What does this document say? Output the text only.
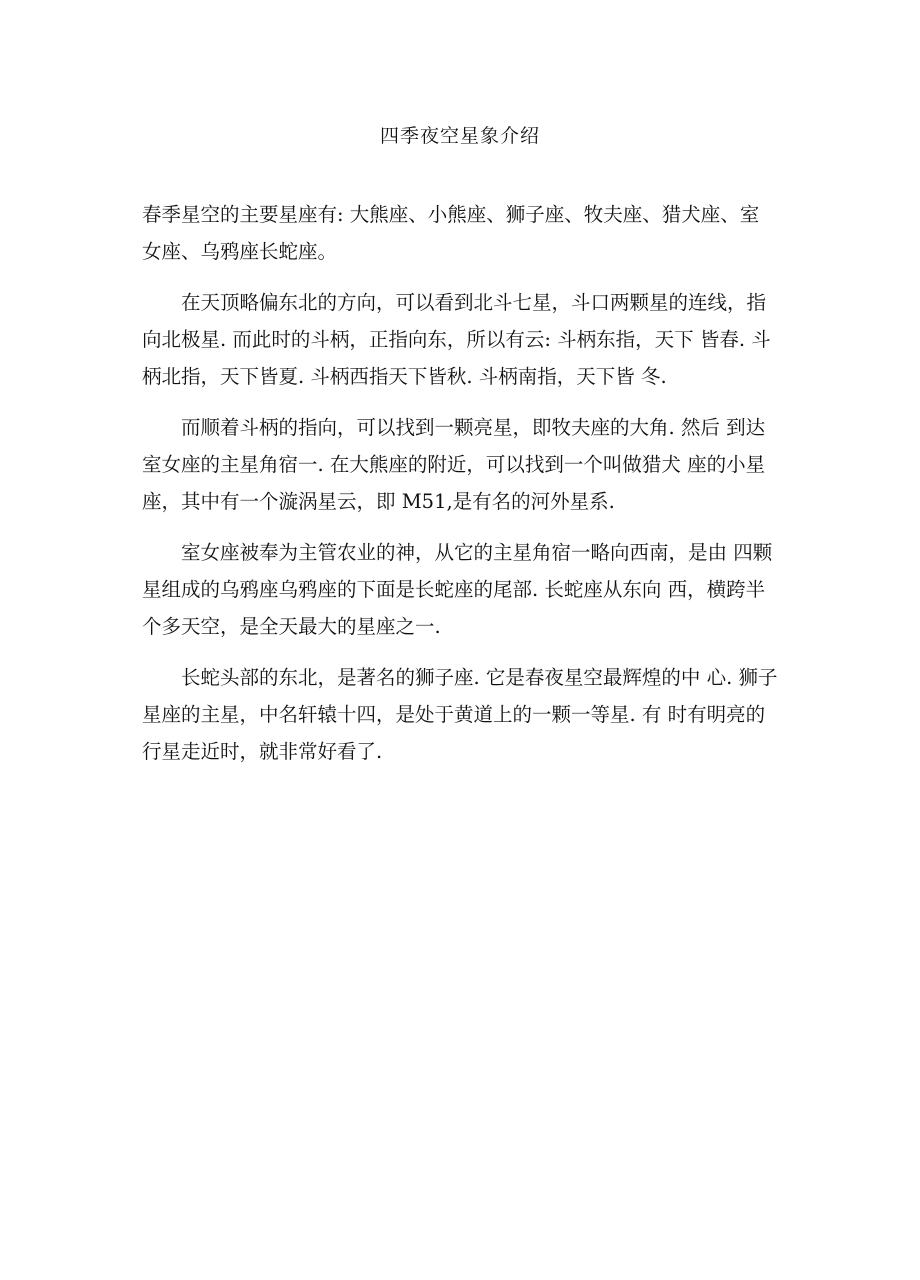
四季夜空星象介绍

春季星空的主要星座有: 大熊座、小熊座、狮子座、牧夫座、猎犬座、室女座、乌鸦座长蛇座。

在天顶略偏东北的方向，可以看到北斗七星，斗口两颗星的连线，指向北极星. 而此时的斗柄，正指向东，所以有云: 斗柄东指，天下 皆春. 斗柄北指，天下皆夏. 斗柄西指天下皆秋. 斗柄南指，天下皆 冬.

而顺着斗柄的指向，可以找到一颗亮星，即牧夫座的大角. 然后 到达室女座的主星角宿一. 在大熊座的附近，可以找到一个叫做猎犬 座的小星座，其中有一个漩涡星云，即 M51,是有名的河外星系.

室女座被奉为主管农业的神，从它的主星角宿一略向西南，是由 四颗星组成的乌鸦座乌鸦座的下面是长蛇座的尾部. 长蛇座从东向 西，横跨半个多天空，是全天最大的星座之一.

长蛇头部的东北，是著名的狮子座. 它是春夜星空最辉煌的中 心. 狮子星座的主星，中名轩辕十四，是处于黄道上的一颗一等星. 有 时有明亮的行星走近时，就非常好看了.
